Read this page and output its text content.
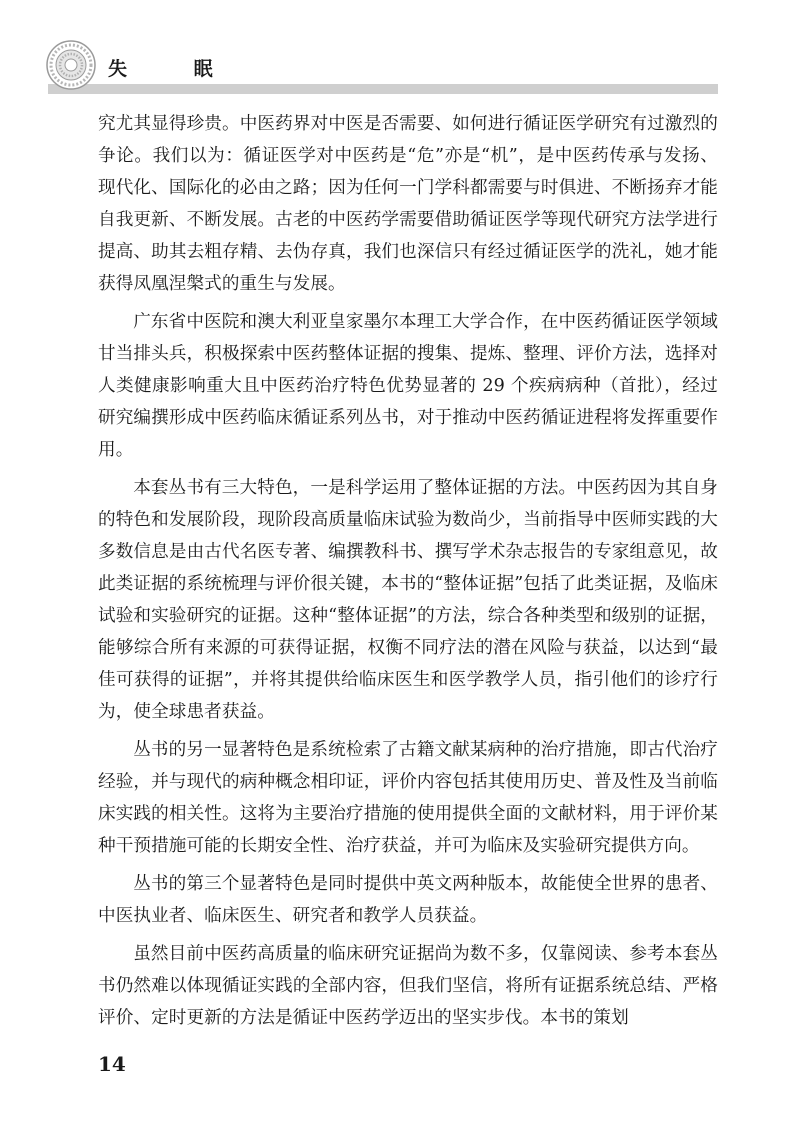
失 眠

究尤其显得珍贵。中医药界对中医是否需要、如何进行循证医学研究有过激烈的争论。我们以为：循证医学对中医药是“危”亦是“机”，是中医药传承与发扬、现代化、国际化的必由之路；因为任何一门学科都需要与时俱进、不断扬弃才能自我更新、不断发展。古老的中医药学需要借助循证医学等现代研究方法学进行提高、助其去粗存精、去伪存真，我们也深信只有经过循证医学的洗礼，她才能获得凤凰涅槃式的重生与发展。

广东省中医院和澳大利亚皇家墨尔本理工大学合作，在中医药循证医学领域甘当排头兵，积极探索中医药整体证据的搜集、提炼、整理、评价方法，选择对人类健康影响重大且中医药治疗特色优势显著的 29 个疾病病种（首批），经过研究编撰形成中医药临床循证系列丛书，对于推动中医药循证进程将发挥重要作用。

本套丛书有三大特色，一是科学运用了整体证据的方法。中医药因为其自身的特色和发展阶段，现阶段高质量临床试验为数尚少，当前指导中医师实践的大多数信息是由古代名医专著、编撰教科书、撰写学术杂志报告的专家组意见，故此类证据的系统梳理与评价很关键，本书的“整体证据”包括了此类证据，及临床试验和实验研究的证据。这种“整体证据”的方法，综合各种类型和级别的证据，能够综合所有来源的可获得证据，权衡不同疗法的潜在风险与获益，以达到“最佳可获得的证据”，并将其提供给临床医生和医学教学人员，指引他们的诊疗行为，使全球患者获益。

丛书的另一显著特色是系统检索了古籍文献某病种的治疗措施，即古代治疗经验，并与现代的病种概念相印证，评价内容包括其使用历史、普及性及当前临床实践的相关性。这将为主要治疗措施的使用提供全面的文献材料，用于评价某种干预措施可能的长期安全性、治疗获益，并可为临床及实验研究提供方向。

丛书的第三个显著特色是同时提供中英文两种版本，故能使全世界的患者、中医执业者、临床医生、研究者和教学人员获益。

虽然目前中医药高质量的临床研究证据尚为数不多，仅靠阅读、参考本套丛书仍然难以体现循证实践的全部内容，但我们坚信，将所有证据系统总结、严格评价、定时更新的方法是循证中医药学迈出的坚实步伐。本书的策划

14
